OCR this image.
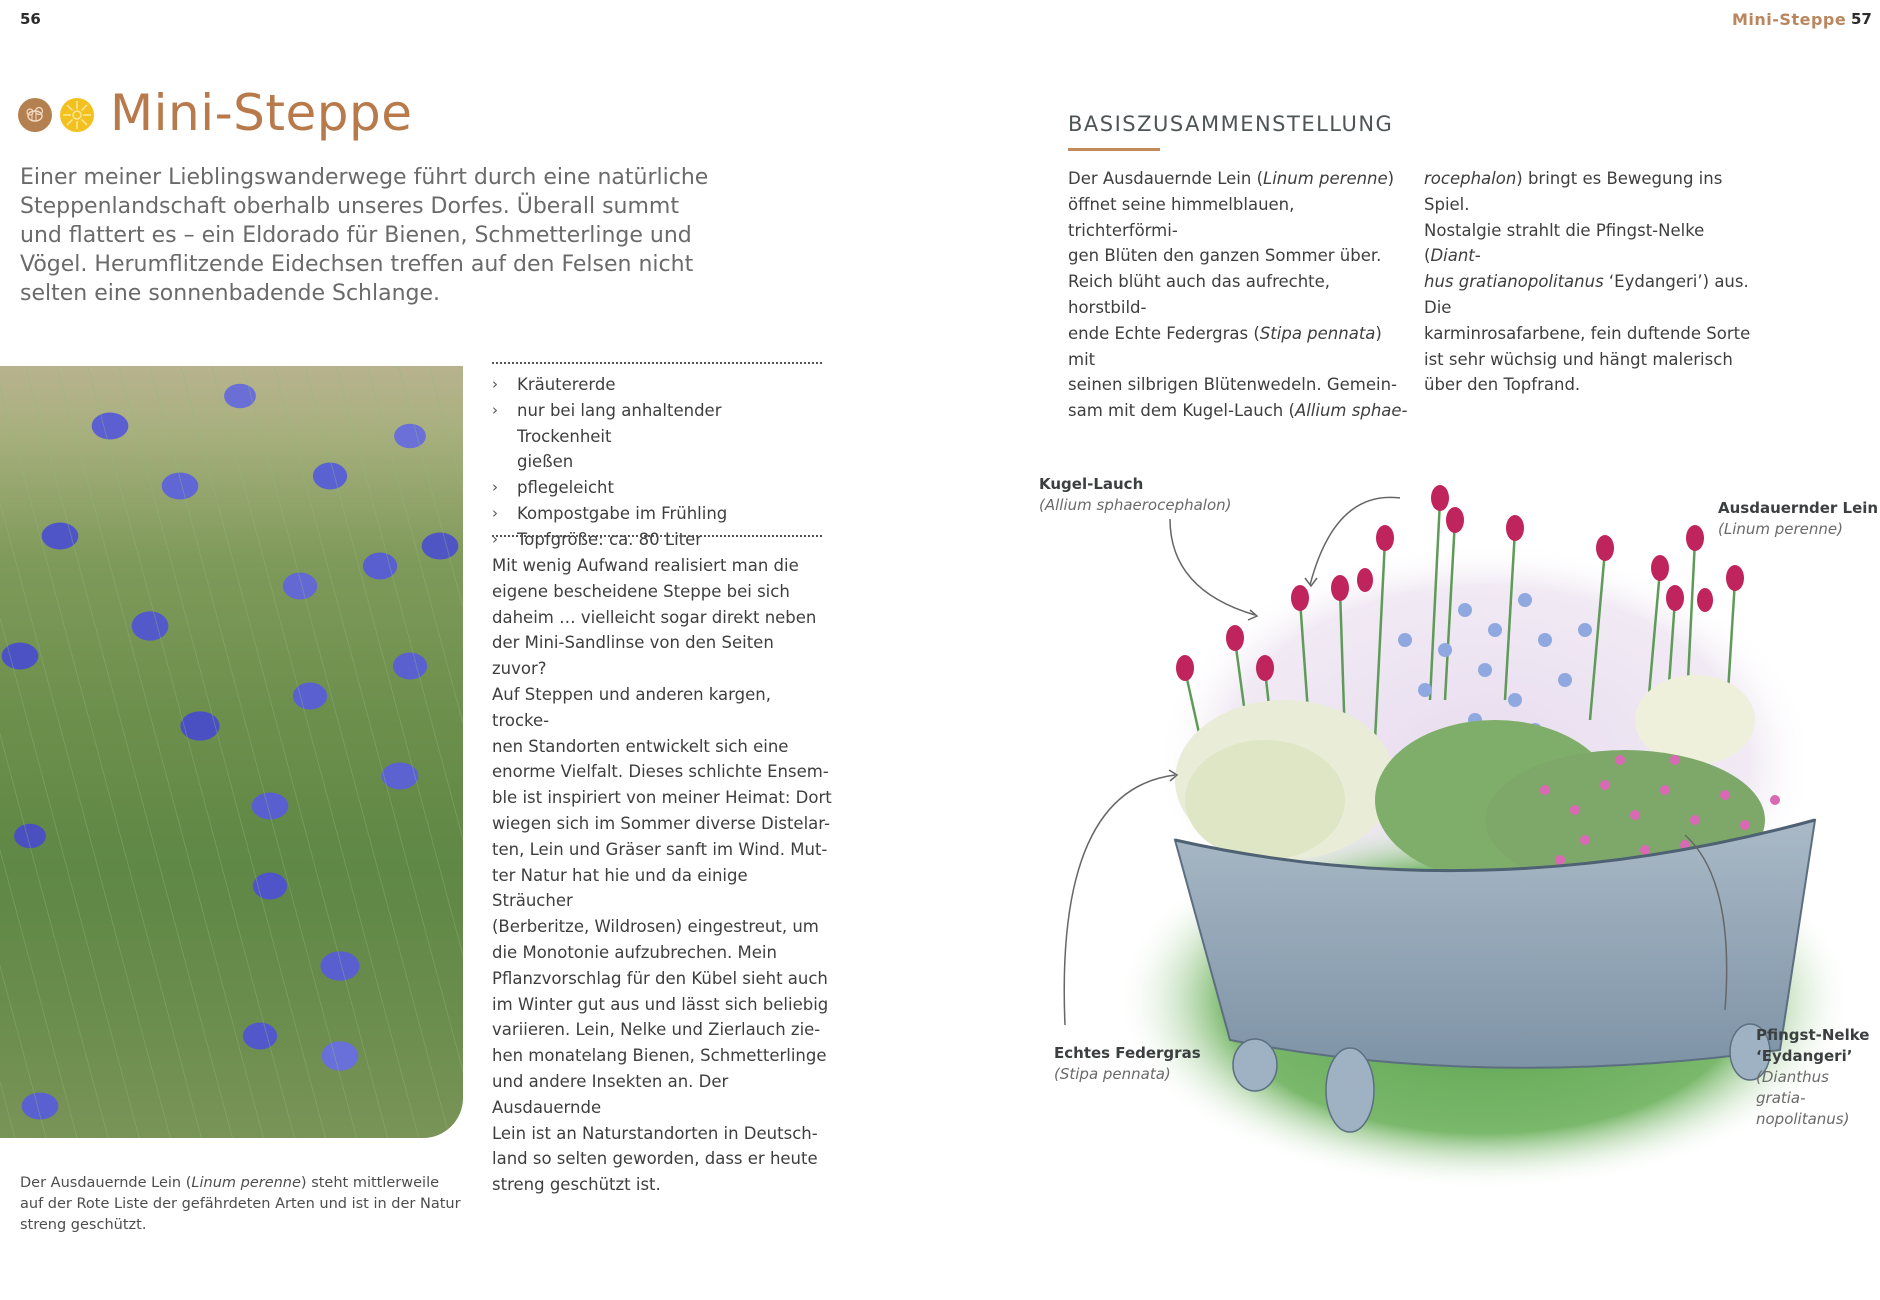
56
Mini-Steppe
Einer meiner Lieblingswanderwege führt durch eine natürliche
Steppenlandschaft oberhalb unseres Dorfes. Überall summt
und flattert es – ein Eldorado für Bienen, Schmetterlinge und
Vögel. Herumflitzende Eidechsen treffen auf den Felsen nicht
selten eine sonnenbadende Schlange.
› Kräutererde
› nur bei lang anhaltender Trockenheit
gießen
› pflegeleicht
› Kompostgabe im Frühling
› Topfgröße: ca. 80 Liter
Mit wenig Aufwand realisiert man die
eigene bescheidene Steppe bei sich
daheim … vielleicht sogar direkt neben
der Mini-Sandlinse von den Seiten zuvor?
Auf Steppen und anderen kargen, trocke-
nen Standorten entwickelt sich eine
enorme Vielfalt. Dieses schlichte Ensem-
ble ist inspiriert von meiner Heimat: Dort
wiegen sich im Sommer diverse Distelar-
ten, Lein und Gräser sanft im Wind. Mut-
ter Natur hat hie und da einige Sträucher
(Berberitze, Wildrosen) eingestreut, um
die Monotonie aufzubrechen. Mein
Pflanzvorschlag für den Kübel sieht auch
im Winter gut aus und lässt sich beliebig
variieren. Lein, Nelke und Zierlauch zie-
hen monatelang Bienen, Schmetterlinge
und andere Insekten an. Der Ausdauernde
Lein ist an Naturstandorten in Deutsch-
land so selten geworden, dass er heute
streng geschützt ist.
Der Ausdauernde Lein (Linum perenne) steht mittlerweile
auf der Rote Liste der gefährdeten Arten und ist in der Natur
streng geschützt.
Mini-Steppe 57
BASISZUSAMMENSTELLUNG
Der Ausdauernde Lein (Linum perenne)
öffnet seine himmelblauen, trichterförmi-
gen Blüten den ganzen Sommer über.
Reich blüht auch das aufrechte, horstbild-
ende Echte Federgras (Stipa pennata) mit
seinen silbrigen Blütenwedeln. Gemein-
sam mit dem Kugel-Lauch (Allium sphae-
rocephalon) bringt es Bewegung ins Spiel.
Nostalgie strahlt die Pfingst-Nelke (Diant-
hus gratianopolitanus ‘Eydangeri’) aus. Die
karminrosafarbene, fein duftende Sorte
ist sehr wüchsig und hängt malerisch
über den Topfrand.
Kugel-Lauch
(Allium sphaerocephalon)	Ausdauernder Lein
(Linum perenne)
Echtes Federgras
(Stipa pennata)
Pfingst-Nelke
‘Eydangeri’
(Dianthus gratia-
nopolitanus)
